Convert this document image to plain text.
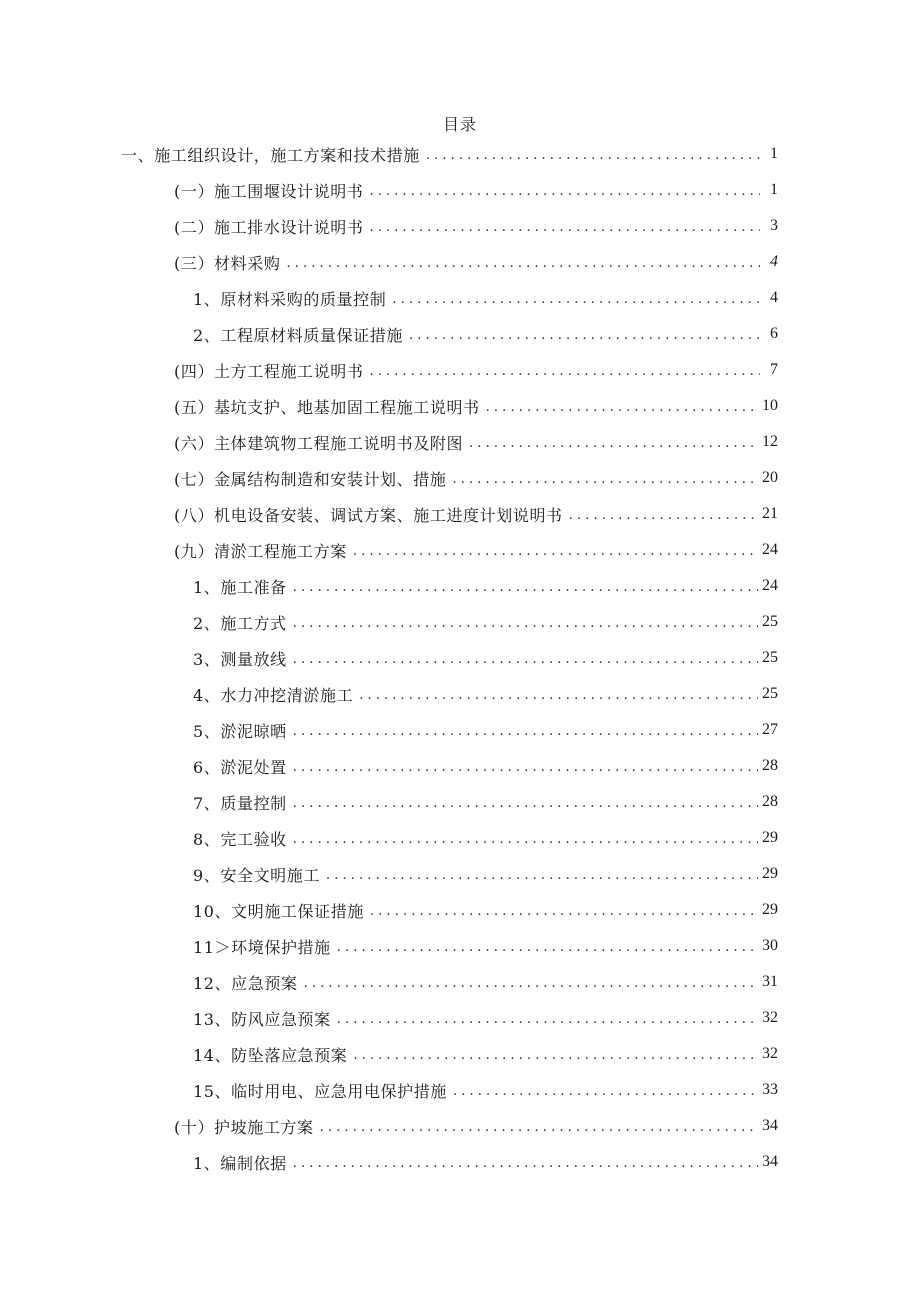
目录
一、施工组织设计，施工方案和技术措施 . . .	1
(一）施工围堰设计说明书 . . .	1
(二）施工排水设计说明书 . . .	3
(三）材料采购 . . .	4
1、原材料采购的质量控制 . . .	4
2、工程原材料质量保证措施 . . .	6
(四）土方工程施工说明书 . . .	7
(五）基坑支护、地基加固工程施工说明书 . . .	10
(六）主体建筑物工程施工说明书及附图 . . .	12
(七）金属结构制造和安装计划、措施 . . .	20
(八）机电设备安装、调试方案、施工进度计划说明书 . . .	21
(九）清淤工程施工方案 . . .	24
1、施工准备 . . .	24
2、施工方式 . . .	25
3、测量放线 . . .	25
4、水力冲挖清淤施工 . . .	25
5、淤泥晾晒 . . .	27
6、淤泥处置 . . .	28
7、质量控制 . . .	28
8、完工验收 . . .	29
9、安全文明施工 . . .	29
10、文明施工保证措施 . . .	29
11＞环境保护措施 . . .	30
12、应急预案 . . .	31
13、防风应急预案 . . .	32
14、防坠落应急预案 . . .	32
15、临时用电、应急用电保护措施 . . .	33
(十）护坡施工方案 . . .	34
1、编制依据 . . .	34
